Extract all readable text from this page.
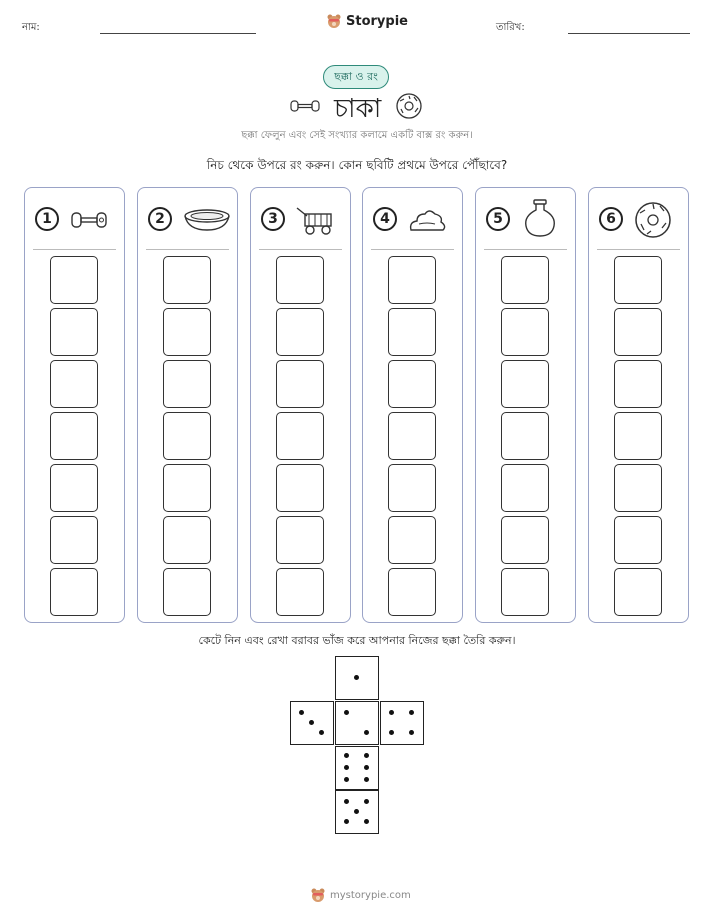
নাম:	Storypie	তারিখ:
ছক্কা ও রং
চাকা
ছক্কা ফেলুন এবং সেই সংখ্যার কলামে একটি বাক্স রং করুন।
নিচ থেকে উপরে রং করুন। কোন ছবিটি প্রথমে উপরে পৌঁছাবে?
1	2	3	4	5	6
কেটে নিন এবং রেখা বরাবর ভাঁজ করে আপনার নিজের ছক্কা তৈরি করুন।
mystorypie.com
